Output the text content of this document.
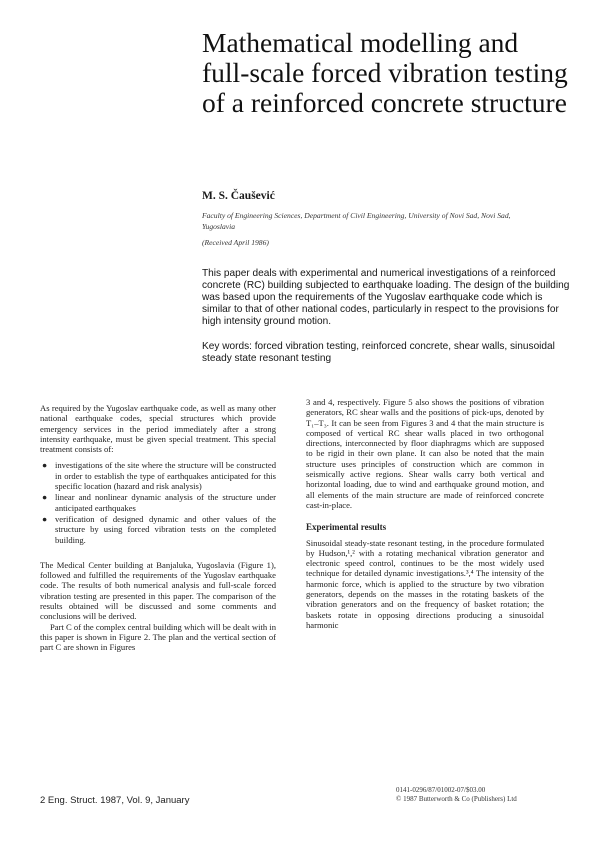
Mathematical modelling and full-scale forced vibration testing of a reinforced concrete structure
M. S. Čaušević
Faculty of Engineering Sciences, Department of Civil Engineering, University of Novi Sad, Novi Sad, Yugoslavia
(Received April 1986)
This paper deals with experimental and numerical investigations of a reinforced concrete (RC) building subjected to earthquake loading. The design of the building was based upon the requirements of the Yugoslav earthquake code which is similar to that of other national codes, particularly in respect to the provisions for high intensity ground motion.
Key words: forced vibration testing, reinforced concrete, shear walls, sinusoidal steady state resonant testing

As required by the Yugoslav earthquake code, as well as many other national earthquake codes, special structures which provide emergency services in the period immediately after a strong intensity earthquake, must be given special treatment. This special treatment consists of:

● investigations of the site where the structure will be constructed in order to establish the type of earthquakes anticipated for this specific location (hazard and risk analysis)
● linear and nonlinear dynamic analysis of the structure under anticipated earthquakes
● verification of designed dynamic and other values of the structure by using forced vibration tests on the completed building.

The Medical Center building at Banjaluka, Yugoslavia (Figure 1), followed and fulfilled the requirements of the Yugoslav earthquake code. The results of both numerical analysis and full-scale forced vibration testing are presented in this paper. The comparison of the results obtained will be discussed and some comments and conclusions will be derived.

Part C of the complex central building which will be dealt with in this paper is shown in Figure 2. The plan and the vertical section of part C are shown in Figures

3 and 4, respectively. Figure 5 also shows the positions of vibration generators, RC shear walls and the positions of pick-ups, denoted by T₁–T₃. It can be seen from Figures 3 and 4 that the main structure is composed of vertical RC shear walls placed in two orthogonal directions, interconnected by floor diaphragms which are supposed to be rigid in their own plane. It can also be noted that the main structure uses principles of construction which are common in seismically active regions. Shear walls carry both vertical and horizontal loading, due to wind and earthquake ground motion, and all elements of the main structure are made of reinforced concrete cast-in-place.

Experimental results

Sinusoidal steady-state resonant testing, in the procedure formulated by Hudson,¹,² with a rotating mechanical vibration generator and electronic speed control, continues to be the most widely used technique for detailed dynamic investigations.³,⁴ The intensity of the harmonic force, which is applied to the structure by two vibration generators, depends on the masses in the rotating baskets of the vibration generators and on the frequency of basket rotation; the baskets rotate in opposing directions producing a sinusoidal harmonic

2 Eng. Struct. 1987, Vol. 9, January
0141-0296/87/01002-07/$03.00
© 1987 Butterworth & Co (Publishers) Ltd
